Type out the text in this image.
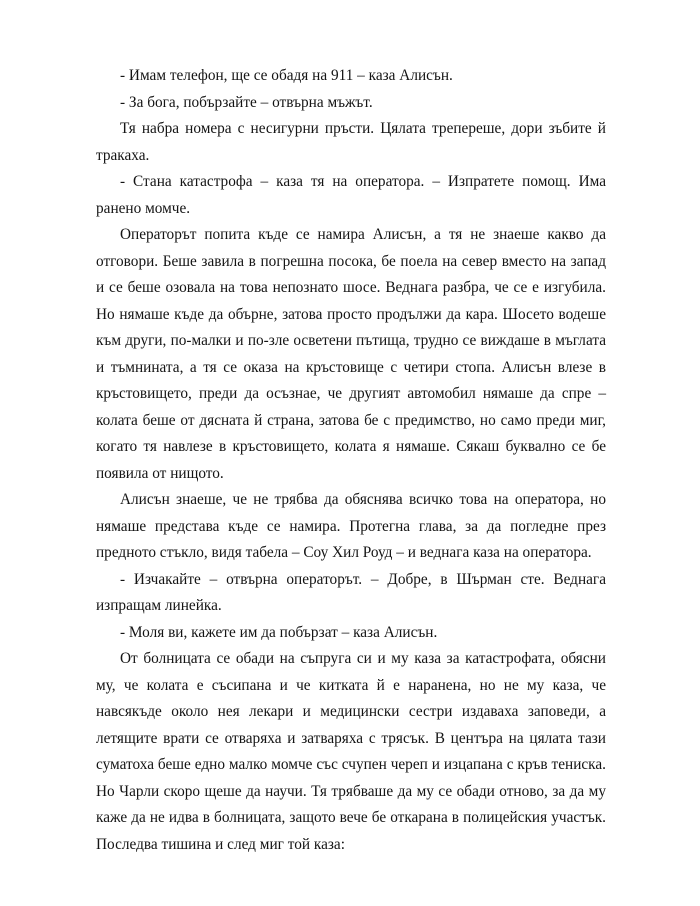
- Имам телефон, ще се обадя на 911 – каза Алисън.

- За бога, побързайте – отвърна мъжът.

Тя набра номера с несигурни пръсти. Цялата трепереше, дори зъбите й тракаха.

- Стана катастрофа – каза тя на оператора. – Изпратете помощ. Има ранено момче.

Операторът попита къде се намира Алисън, а тя не знаеше какво да отговори. Беше завила в погрешна посока, бе поела на север вместо на запад и се беше озовала на това непознато шосе. Веднага разбра, че се е изгубила. Но нямаше къде да обърне, затова просто продължи да кара. Шосето водеше към други, по-малки и по-зле осветени пътища, трудно се виждаше в мъглата и тъмнината, а тя се оказа на кръстовище с четири стопа. Алисън влезе в кръстовището, преди да осъзнае, че другият автомобил нямаше да спре – колата беше от дясната й страна, затова бе с предимство, но само преди миг, когато тя навлезе в кръстовището, колата я нямаше. Сякаш буквално се бе появила от нищото.

Алисън знаеше, че не трябва да обяснява всичко това на оператора, но нямаше представа къде се намира. Протегна глава, за да погледне през предното стъкло, видя табела – Соу Хил Роуд – и веднага каза на оператора.

- Изчакайте – отвърна операторът. – Добре, в Шърман сте. Веднага изпращам линейка.

- Моля ви, кажете им да побързат – каза Алисън.

От болницата се обади на съпруга си и му каза за катастрофата, обясни му, че колата е съсипана и че китката й е наранена, но не му каза, че навсякъде около нея лекари и медицински сестри издаваха заповеди, а летящите врати се отваряха и затваряха с трясък. В центъра на цялата тази суматоха беше едно малко момче със счупен череп и изцапана с кръв тениска. Но Чарли скоро щеше да научи. Тя трябваше да му се обади отново, за да му каже да не идва в болницата, защото вече бе откарана в полицейския участък. Последва тишина и след миг той каза:
